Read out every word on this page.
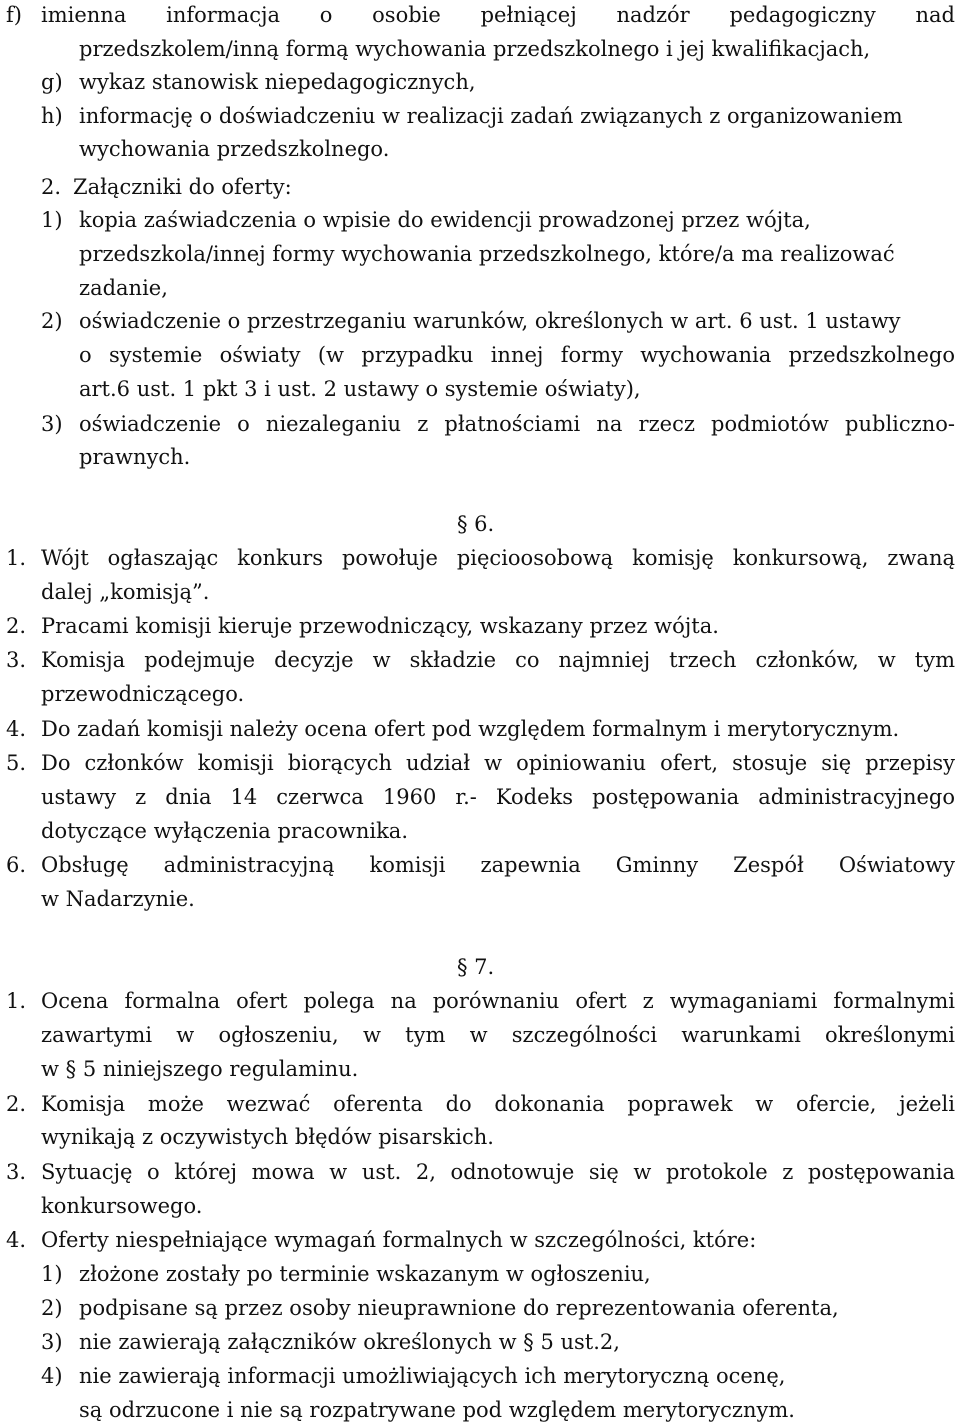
f) imienna informacja o osobie pełniącej nadzór pedagogiczny nad
przedszkolem/inną formą wychowania przedszkolnego i jej kwalifikacjach,
g) wykaz stanowisk niepedagogicznych,
h) informację o doświadczeniu w realizacji zadań związanych z organizowaniem
wychowania przedszkolnego.
2. Załączniki do oferty:
1) kopia zaświadczenia o wpisie do ewidencji prowadzonej przez wójta,
przedszkola/innej formy wychowania przedszkolnego, które/a ma realizować
zadanie,
2) oświadczenie o przestrzeganiu warunków, określonych w art. 6 ust. 1 ustawy
o systemie oświaty (w przypadku innej formy wychowania przedszkolnego
art.6 ust. 1 pkt 3 i ust. 2 ustawy o systemie oświaty),
3) oświadczenie o niezaleganiu z płatnościami na rzecz podmiotów publiczno-
prawnych.
§ 6.
1. Wójt ogłaszając konkurs powołuje pięcioosobową komisję konkursową, zwaną
dalej „komisją”.
2. Pracami komisji kieruje przewodniczący, wskazany przez wójta.
3. Komisja podejmuje decyzje w składzie co najmniej trzech członków, w tym
przewodniczącego.
4. Do zadań komisji należy ocena ofert pod względem formalnym i merytorycznym.
5. Do członków komisji biorących udział w opiniowaniu ofert, stosuje się przepisy
ustawy z dnia 14 czerwca 1960 r.- Kodeks postępowania administracyjnego
dotyczące wyłączenia pracownika.
6. Obsługę administracyjną komisji zapewnia Gminny Zespół Oświatowy
w Nadarzynie.
§ 7.
1. Ocena formalna ofert polega na porównaniu ofert z wymaganiami formalnymi
zawartymi w ogłoszeniu, w tym w szczególności warunkami określonymi
w § 5 niniejszego regulaminu.
2. Komisja może wezwać oferenta do dokonania poprawek w ofercie, jeżeli
wynikają z oczywistych błędów pisarskich.
3. Sytuację o której mowa w ust. 2, odnotowuje się w protokole z postępowania
konkursowego.
4. Oferty niespełniające wymagań formalnych w szczególności, które:
1) złożone zostały po terminie wskazanym w ogłoszeniu,
2) podpisane są przez osoby nieuprawnione do reprezentowania oferenta,
3) nie zawierają załączników określonych w § 5 ust.2,
4) nie zawierają informacji umożliwiających ich merytoryczną ocenę,
są odrzucone i nie są rozpatrywane pod względem merytorycznym.
